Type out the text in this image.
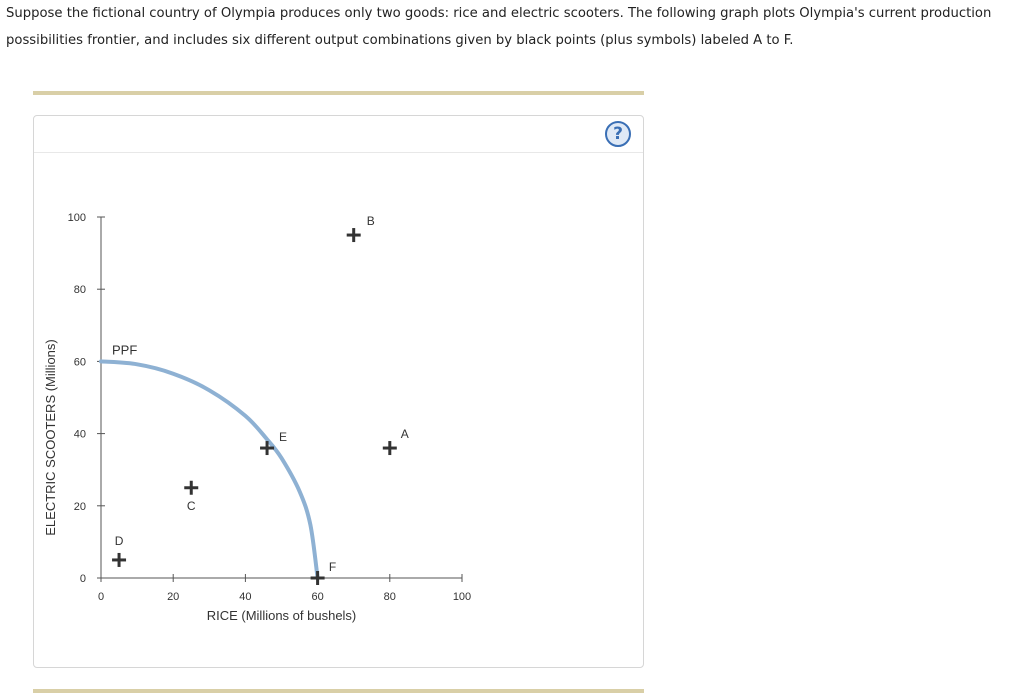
Suppose the fictional country of Olympia produces only two goods: rice and electric scooters. The following graph plots Olympia's current production
possibilities frontier, and includes six different output combinations given by black points (plus symbols) labeled A to F.
?
0	20	40	60	80	100
0
20
40
60
80
100
PPF
A
B
C
D
E
F
RICE (Millions of bushels)
ELECTRIC SCOOTERS (Millions)
